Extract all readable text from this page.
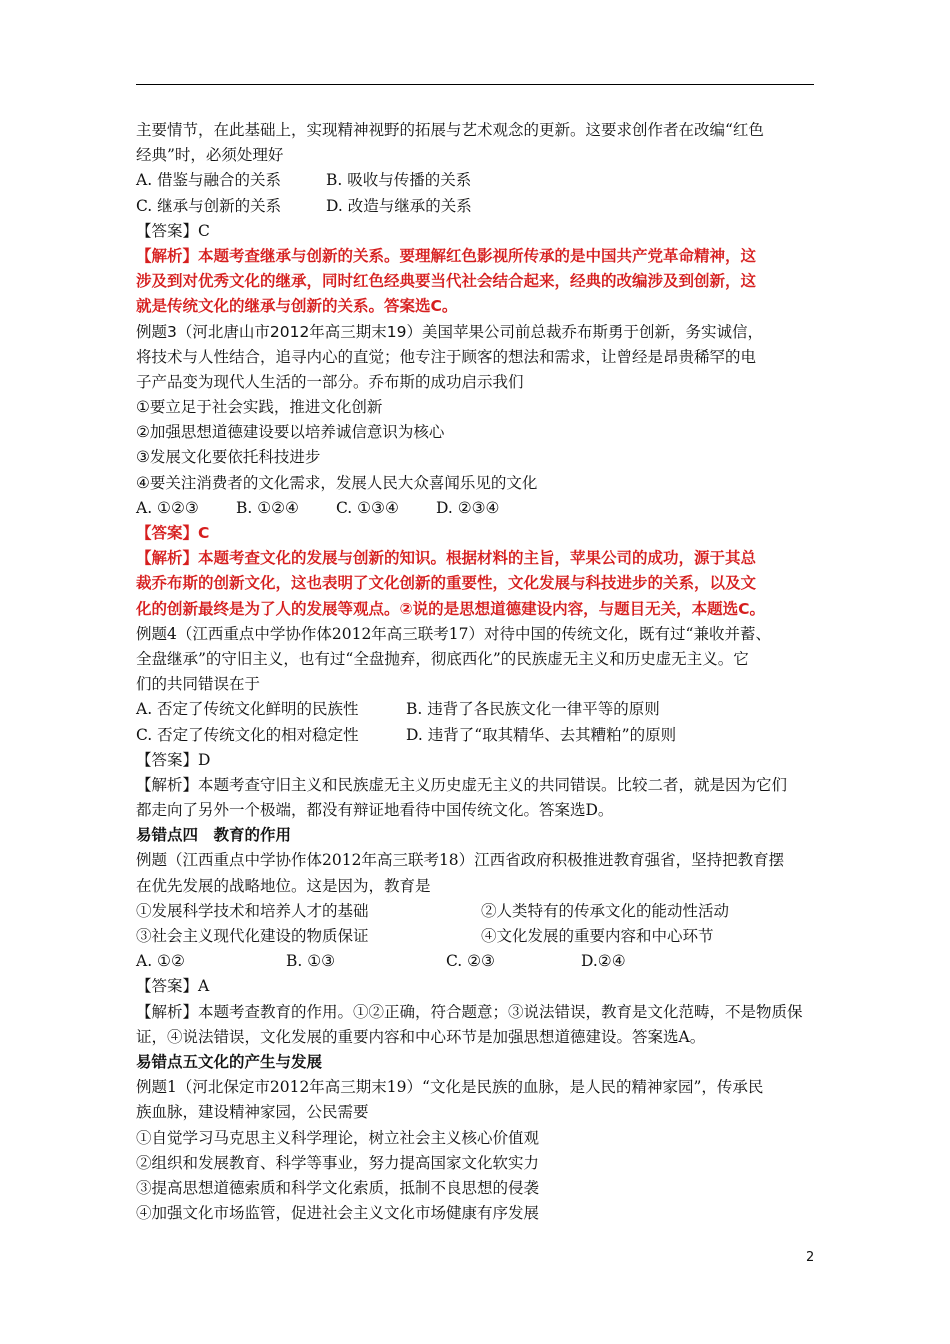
主要情节，在此基础上，实现精神视野的拓展与艺术观念的更新。这要求创作者在改编“红色
经典”时，必须处理好
A. 借鉴与融合的关系	B. 吸收与传播的关系
C. 继承与创新的关系	D. 改造与继承的关系
【答案】C
【解析】本题考查继承与创新的关系。要理解红色影视所传承的是中国共产党革命精神，这
涉及到对优秀文化的继承，同时红色经典要当代社会结合起来，经典的改编涉及到创新，这
就是传统文化的继承与创新的关系。答案选C。
例题3（河北唐山市2012年高三期末19）美国苹果公司前总裁乔布斯勇于创新，务实诚信，
将技术与人性结合，追寻内心的直觉；他专注于顾客的想法和需求，让曾经是昂贵稀罕的电
子产品变为现代人生活的一部分。乔布斯的成功启示我们
①要立足于社会实践，推进文化创新
②加强思想道德建设要以培养诚信意识为核心
③发展文化要依托科技进步
④要关注消费者的文化需求，发展人民大众喜闻乐见的文化
A. ①②③ B. ①②④ C. ①③④ D. ②③④
【答案】C
【解析】本题考查文化的发展与创新的知识。根据材料的主旨，苹果公司的成功，源于其总
裁乔布斯的创新文化，这也表明了文化创新的重要性，文化发展与科技进步的关系，以及文
化的创新最终是为了人的发展等观点。②说的是思想道德建设内容，与题目无关，本题选C。
例题4（江西重点中学协作体2012年高三联考17）对待中国的传统文化，既有过“兼收并蓄、
全盘继承”的守旧主义，也有过“全盘抛弃，彻底西化”的民族虚无主义和历史虚无主义。它
们的共同错误在于
A. 否定了传统文化鲜明的民族性	B. 违背了各民族文化一律平等的原则
C. 否定了传统文化的相对稳定性	D. 违背了“取其精华、去其糟粕”的原则
【答案】D
【解析】本题考查守旧主义和民族虚无主义历史虚无主义的共同错误。比较二者，就是因为它们
都走向了另外一个极端，都没有辩证地看待中国传统文化。答案选D。
易错点四　教育的作用
例题（江西重点中学协作体2012年高三联考18）江西省政府积极推进教育强省，坚持把教育摆
在优先发展的战略地位。这是因为，教育是
①发展科学技术和培养人才的基础	②人类特有的传承文化的能动性活动
③社会主义现代化建设的物质保证	④文化发展的重要内容和中心环节
A. ①②	B. ①③	C. ②③	D.②④
【答案】A
【解析】本题考查教育的作用。①②正确，符合题意；③说法错误，教育是文化范畴，不是物质保
证，④说法错误，文化发展的重要内容和中心环节是加强思想道德建设。答案选A。
易错点五文化的产生与发展
例题1（河北保定市2012年高三期末19）“文化是民族的血脉，是人民的精神家园”，传承民
族血脉，建设精神家园，公民需要
①自觉学习马克思主义科学理论，树立社会主义核心价值观
②组织和发展教育、科学等事业，努力提高国家文化软实力
③提高思想道德索质和科学文化索质，抵制不良思想的侵袭
④加强文化市场监管，促进社会主义文化市场健康有序发展
2
